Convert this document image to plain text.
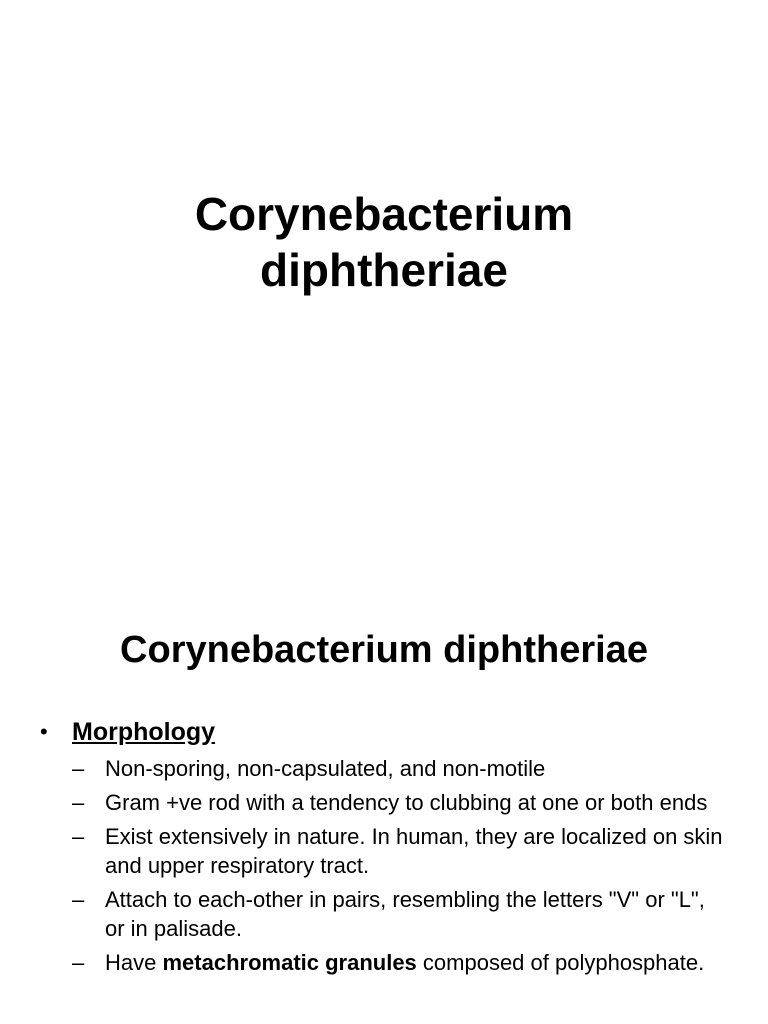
Corynebacterium
diphtheriae
Corynebacterium diphtheriae
• Morphology
– Non-sporing, non-capsulated, and non-motile
– Gram +ve rod with a tendency to clubbing at one or both ends
– Exist extensively in nature. In human, they are localized on skin and upper respiratory tract.
– Attach to each-other in pairs, resembling the letters "V" or "L", or in palisade.
– Have metachromatic granules composed of polyphosphate.
